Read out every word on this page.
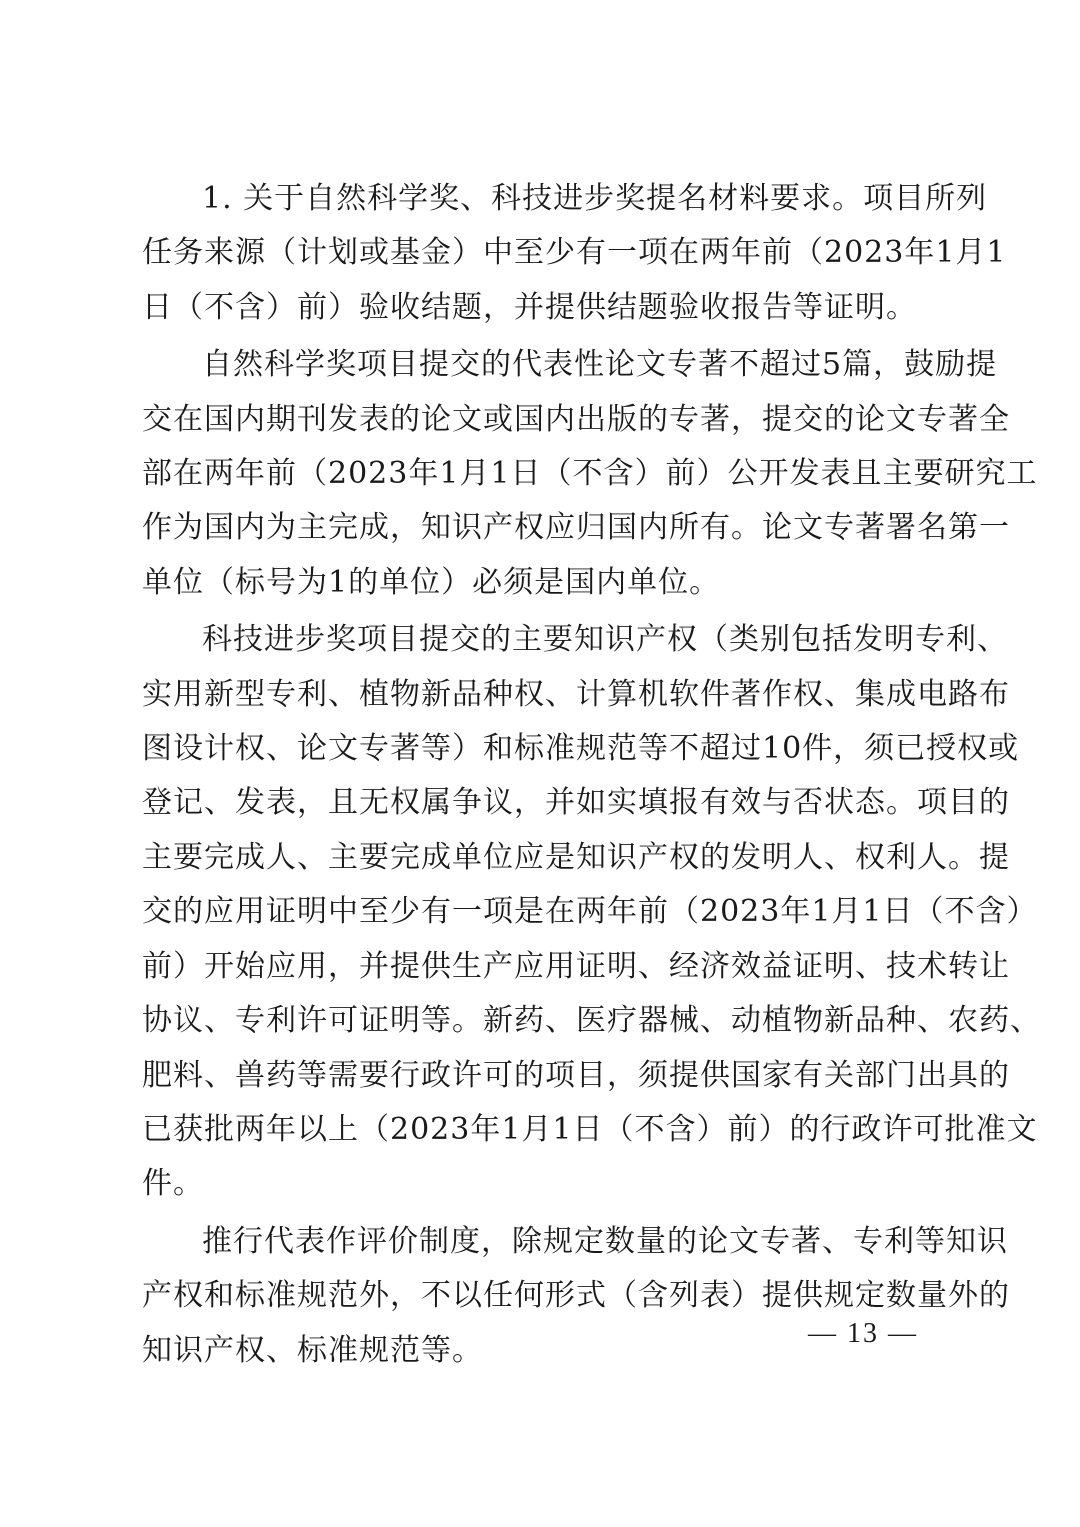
1. 关于自然科学奖、科技进步奖提名材料要求。项目所列
任务来源（计划或基金）中至少有一项在两年前（2023年1月1
日（不含）前）验收结题，并提供结题验收报告等证明。

自然科学奖项目提交的代表性论文专著不超过5篇，鼓励提
交在国内期刊发表的论文或国内出版的专著，提交的论文专著全
部在两年前（2023年1月1日（不含）前）公开发表且主要研究工
作为国内为主完成，知识产权应归国内所有。论文专著署名第一
单位（标号为1的单位）必须是国内单位。

科技进步奖项目提交的主要知识产权（类别包括发明专利、
实用新型专利、植物新品种权、计算机软件著作权、集成电路布
图设计权、论文专著等）和标准规范等不超过10件，须已授权或
登记、发表，且无权属争议，并如实填报有效与否状态。项目的
主要完成人、主要完成单位应是知识产权的发明人、权利人。提
交的应用证明中至少有一项是在两年前（2023年1月1日（不含）
前）开始应用，并提供生产应用证明、经济效益证明、技术转让
协议、专利许可证明等。新药、医疗器械、动植物新品种、农药、
肥料、兽药等需要行政许可的项目，须提供国家有关部门出具的
已获批两年以上（2023年1月1日（不含）前）的行政许可批准文
件。

推行代表作评价制度，除规定数量的论文专著、专利等知识
产权和标准规范外，不以任何形式（含列表）提供规定数量外的
知识产权、标准规范等。	— 13 —
